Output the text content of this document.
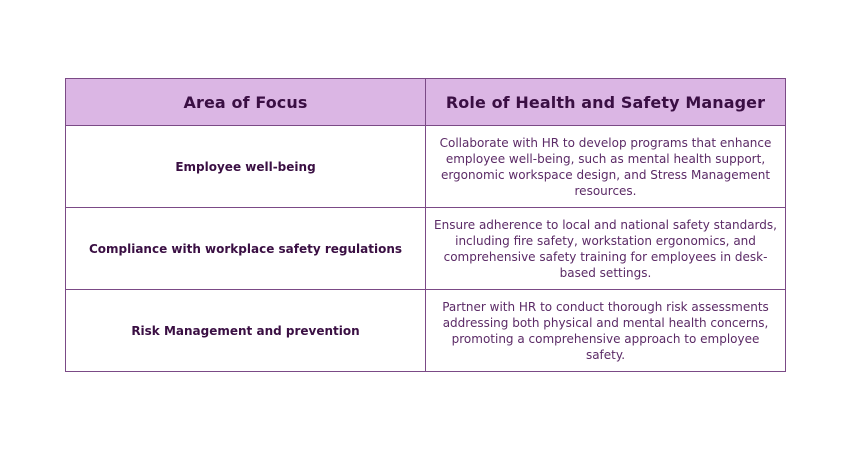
Area of Focus	Role of Health and Safety Manager
Employee well-being	Collaborate with HR to develop programs that enhance employee well-being, such as mental health support, ergonomic workspace design, and Stress Management resources.
Compliance with workplace safety regulations	Ensure adherence to local and national safety standards, including fire safety, workstation ergonomics, and comprehensive safety training for employees in desk-based settings.
Risk Management and prevention	Partner with HR to conduct thorough risk assessments addressing both physical and mental health concerns, promoting a comprehensive approach to employee safety.
